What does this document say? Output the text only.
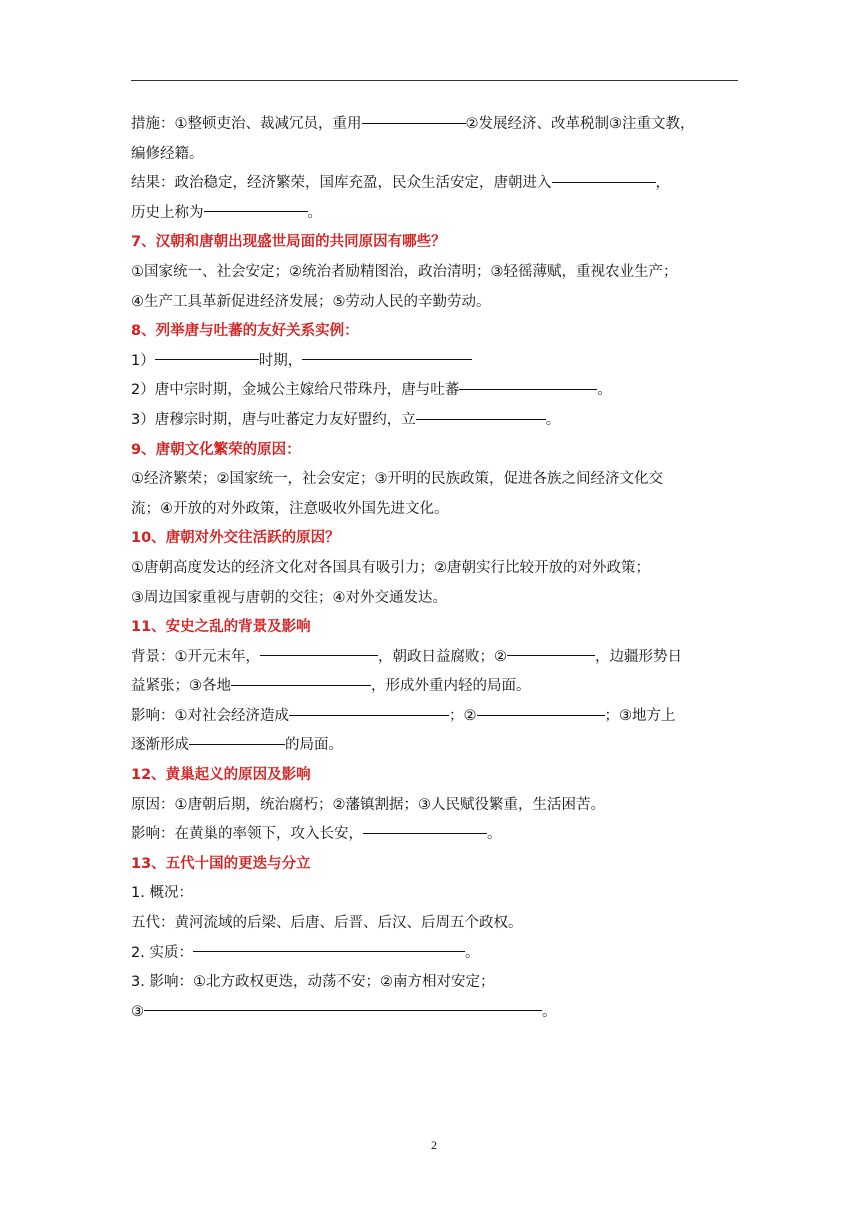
措施：①整顿吏治、裁减冗员，重用	②发展经济、改革税制③注重文教，
编修经籍。
结果：政治稳定，经济繁荣，国库充盈，民众生活安定，唐朝进入	，
历史上称为	。
7、汉朝和唐朝出现盛世局面的共同原因有哪些？
①国家统一、社会安定；②统治者励精图治，政治清明；③轻徭薄赋，重视农业生产；
④生产工具革新促进经济发展；⑤劳动人民的辛勤劳动。
8、列举唐与吐蕃的友好关系实例：
1）	时期，
2）唐中宗时期，金城公主嫁给尺带珠丹，唐与吐蕃	。
3）唐穆宗时期，唐与吐蕃定力友好盟约，立	。
9、唐朝文化繁荣的原因：
①经济繁荣；②国家统一，社会安定；③开明的民族政策，促进各族之间经济文化交
流；④开放的对外政策，注意吸收外国先进文化。
10、唐朝对外交往活跃的原因？
①唐朝高度发达的经济文化对各国具有吸引力；②唐朝实行比较开放的对外政策；
③周边国家重视与唐朝的交往；④对外交通发达。
11、安史之乱的背景及影响
背景：①开元末年，	，朝政日益腐败；②	，边疆形势日
益紧张；③各地	，形成外重内轻的局面。
影响：①对社会经济造成	；②	；③地方上
逐渐形成	的局面。
12、黄巢起义的原因及影响
原因：①唐朝后期，统治腐朽；②藩镇割据；③人民赋役繁重，生活困苦。
影响：在黄巢的率领下，攻入长安，	。
13、五代十国的更迭与分立
1. 概况：
五代：黄河流域的后梁、后唐、后晋、后汉、后周五个政权。
2. 实质：	。
3. 影响：①北方政权更迭，动荡不安；②南方相对安定；
③	。
2
